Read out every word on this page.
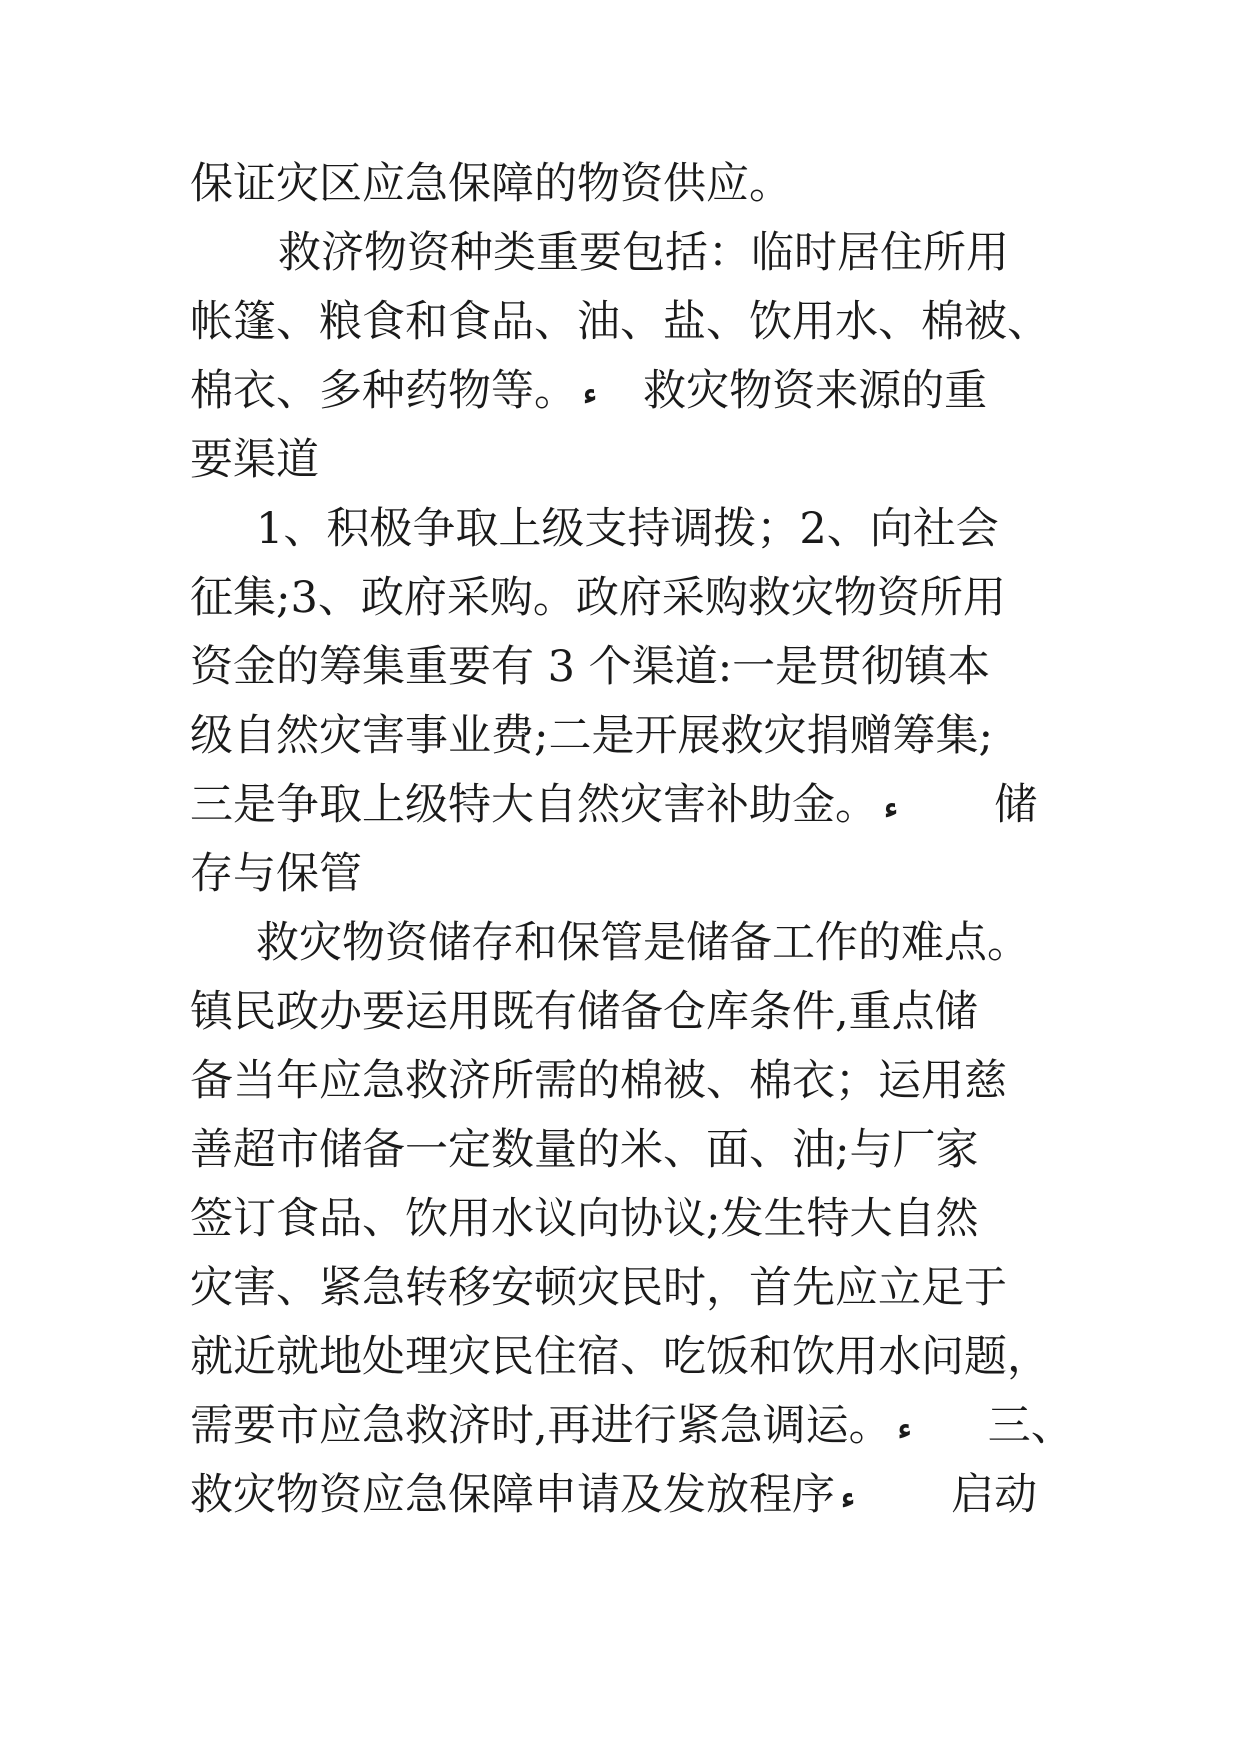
保证灾区应急保障的物资供应。
救济物资种类重要包括：临时居住所用
帐篷、粮食和食品、油、盐、饮用水、棉被、
棉衣、多种药物等。 ء 救灾物资来源的重
要渠道
1、积极争取上级支持调拨；2、向社会
征集;3、政府采购。政府采购救灾物资所用
资金的筹集重要有 3 个渠道:一是贯彻镇本
级自然灾害事业费;二是开展救灾捐赠筹集;
三是争取上级特大自然灾害补助金。 ء 储
存与保管
救灾物资储存和保管是储备工作的难点。
镇民政办要运用既有储备仓库条件,重点储
备当年应急救济所需的棉被、棉衣；运用慈
善超市储备一定数量的米、面、油;与厂家
签订食品、饮用水议向协议;发生特大自然
灾害、紧急转移安顿灾民时，首先应立足于
就近就地处理灾民住宿、吃饭和饮用水问题，
需要市应急救济时,再进行紧急调运。 ء 三、
救灾物资应急保障申请及发放程序 ء 启动
